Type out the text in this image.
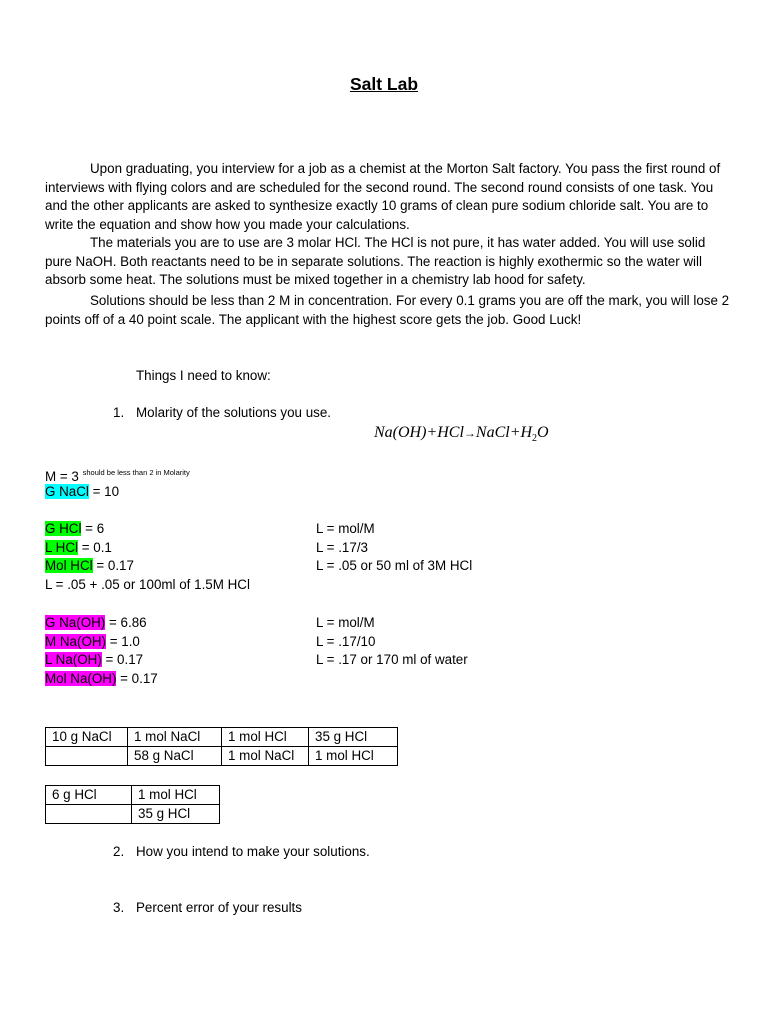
Salt Lab
Upon graduating, you interview for a job as a chemist at the Morton Salt factory. You pass the first round of interviews with flying colors and are scheduled for the second round. The second round consists of one task. You and the other applicants are asked to synthesize exactly 10 grams of clean pure sodium chloride salt. You are to write the equation and show how you made your calculations.
The materials you are to use are 3 molar HCl. The HCl is not pure, it has water added. You will use solid pure NaOH. Both reactants need to be in separate solutions. The reaction is highly exothermic so the water will absorb some heat. The solutions must be mixed together in a chemistry lab hood for safety.
Solutions should be less than 2 M in concentration. For every 0.1 grams you are off the mark, you will lose 2 points off of a 40 point scale. The applicant with the highest score gets the job. Good Luck!
Things I need to know:
1. Molarity of the solutions you use.
$Na(OH)+HCl\to NaCl+H_2O$
M = 3 $^{should be less than 2 in Molarity}$
G NaCl = 10
G HCl = 6
L HCl = 0.1
Mol HCl = 0.17
L = .05 + .05 or 100ml of 1.5M HCl
L = mol/M
L = .17/3
L = .05 or 50 ml of 3M HCl
G Na(OH) = 6.86
M Na(OH) = 1.0
L Na(OH) = 0.17
Mol Na(OH) = 0.17
L = mol/M
L = .17/10
L = .17 or 170 ml of water
10 g NaCl	1 mol NaCl	1 mol HCl	35 g HCl
	58 g NaCl	1 mol NaCl	1 mol HCl
6 g HCl	1 mol HCl
	35 g HCl
2. How you intend to make your solutions.
3. Percent error of your results
